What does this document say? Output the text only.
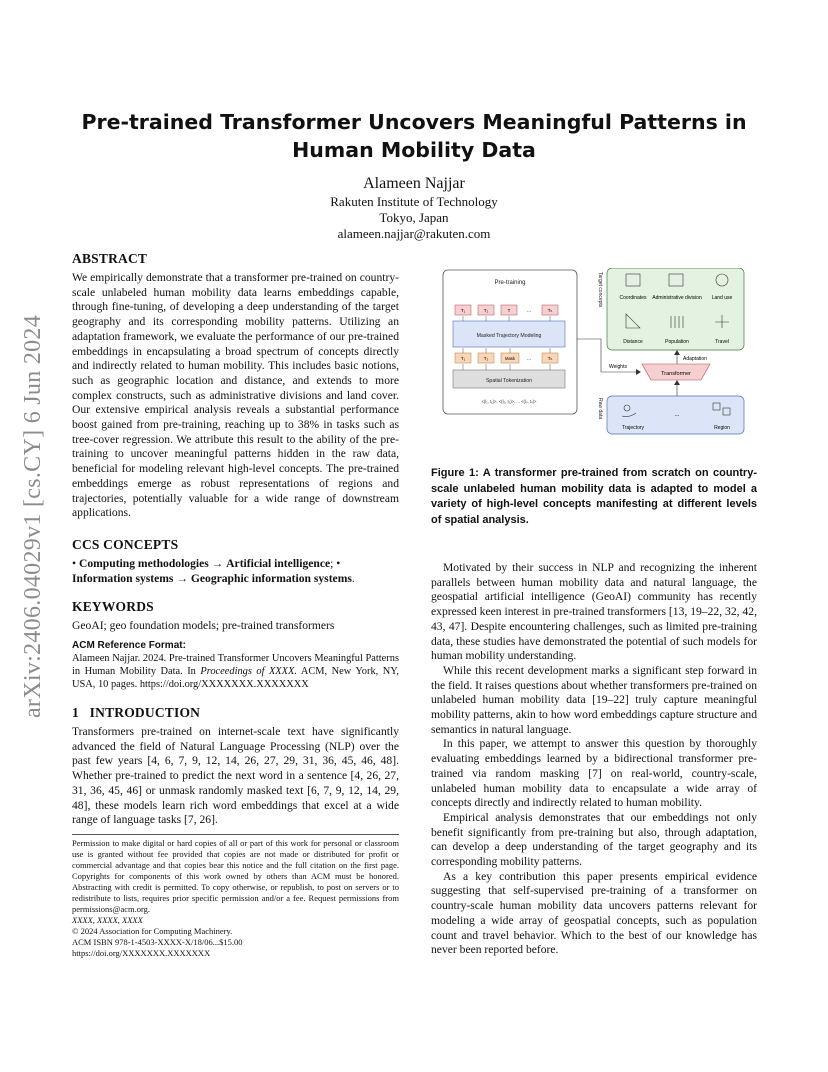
arXiv:2406.04029v1 [cs.CY] 6 Jun 2024
Pre-trained Transformer Uncovers Meaningful Patterns in Human Mobility Data
Alameen Najjar
Rakuten Institute of Technology
Tokyo, Japan
alameen.najjar@rakuten.com
ABSTRACT

We empirically demonstrate that a transformer pre-trained on country-scale unlabeled human mobility data learns embeddings capable, through fine-tuning, of developing a deep understanding of the target geography and its corresponding mobility patterns. Utilizing an adaptation framework, we evaluate the performance of our pre-trained embeddings in encapsulating a broad spectrum of concepts directly and indirectly related to human mobility. This includes basic notions, such as geographic location and distance, and extends to more complex constructs, such as administrative divisions and land cover. Our extensive empirical analysis reveals a substantial performance boost gained from pre-training, reaching up to 38% in tasks such as tree-cover regression. We attribute this result to the ability of the pre-training to uncover meaningful patterns hidden in the raw data, beneficial for modeling relevant high-level concepts. The pre-trained embeddings emerge as robust representations of regions and trajectories, potentially valuable for a wide range of downstream applications.

CCS CONCEPTS

• Computing methodologies → Artificial intelligence; • Information systems → Geographic information systems.

KEYWORDS

GeoAI; geo foundation models; pre-trained transformers

ACM Reference Format:

Alameen Najjar. 2024. Pre-trained Transformer Uncovers Meaningful Patterns in Human Mobility Data. In Proceedings of XXXX. ACM, New York, NY, USA, 10 pages. https://doi.org/XXXXXXX.XXXXXXX

1   INTRODUCTION

Transformers pre-trained on internet-scale text have significantly advanced the field of Natural Language Processing (NLP) over the past few years [4, 6, 7, 9, 12, 14, 26, 27, 29, 31, 36, 45, 46, 48]. Whether pre-trained to predict the next word in a sentence [4, 26, 27, 31, 36, 45, 46] or unmask randomly masked text [6, 7, 9, 12, 14, 29, 48], these models learn rich word embeddings that excel at a wide range of language tasks [7, 26].

Permission to make digital or hard copies of all or part of this work for personal or classroom use is granted without fee provided that copies are not made or distributed for profit or commercial advantage and that copies bear this notice and the full citation on the first page. Copyrights for components of this work owned by others than ACM must be honored. Abstracting with credit is permitted. To copy otherwise, or republish, to post on servers or to redistribute to lists, requires prior specific permission and/or a fee. Request permissions from permissions@acm.org.
XXXX, XXXX, XXXX
© 2024 Association for Computing Machinery.
ACM ISBN 978-1-4503-XXXX-X/18/06...$15.00
https://doi.org/XXXXXXX.XXXXXXX
Pre-training
T₁	T₂	T	...	Tₙ
Masked Trajectory Modeling
T₁	T₂	Mask ...	Tₙ
Spatial Tokenization
<(l₁, t₁)>, <(l₂, t₂)>, ... <(lₙ, tₙ)>
Target concepts	Coordinates Administrative division Land use
Distance	Population	Travel
Adaptation
Transformer
Weights
Raw data
Trajectory
...
Region
Figure 1: A transformer pre-trained from scratch on country-scale unlabeled human mobility data is adapted to model a variety of high-level concepts manifesting at different levels of spatial analysis.

Motivated by their success in NLP and recognizing the inherent parallels between human mobility data and natural language, the geospatial artificial intelligence (GeoAI) community has recently expressed keen interest in pre-trained transformers [13, 19–22, 32, 42, 43, 47]. Despite encountering challenges, such as limited pre-training data, these studies have demonstrated the potential of such models for human mobility understanding.

While this recent development marks a significant step forward in the field. It raises questions about whether transformers pre-trained on unlabeled human mobility data [19–22] truly capture meaningful mobility patterns, akin to how word embeddings capture structure and semantics in natural language.

In this paper, we attempt to answer this question by thoroughly evaluating embeddings learned by a bidirectional transformer pre-trained via random masking [7] on real-world, country-scale, unlabeled human mobility data to encapsulate a wide array of concepts directly and indirectly related to human mobility.

Empirical analysis demonstrates that our embeddings not only benefit significantly from pre-training but also, through adaptation, can develop a deep understanding of the target geography and its corresponding mobility patterns.

As a key contribution this paper presents empirical evidence suggesting that self-supervised pre-training of a transformer on country-scale human mobility data uncovers patterns relevant for modeling a wide array of geospatial concepts, such as population count and travel behavior. Which to the best of our knowledge has never been reported before.
